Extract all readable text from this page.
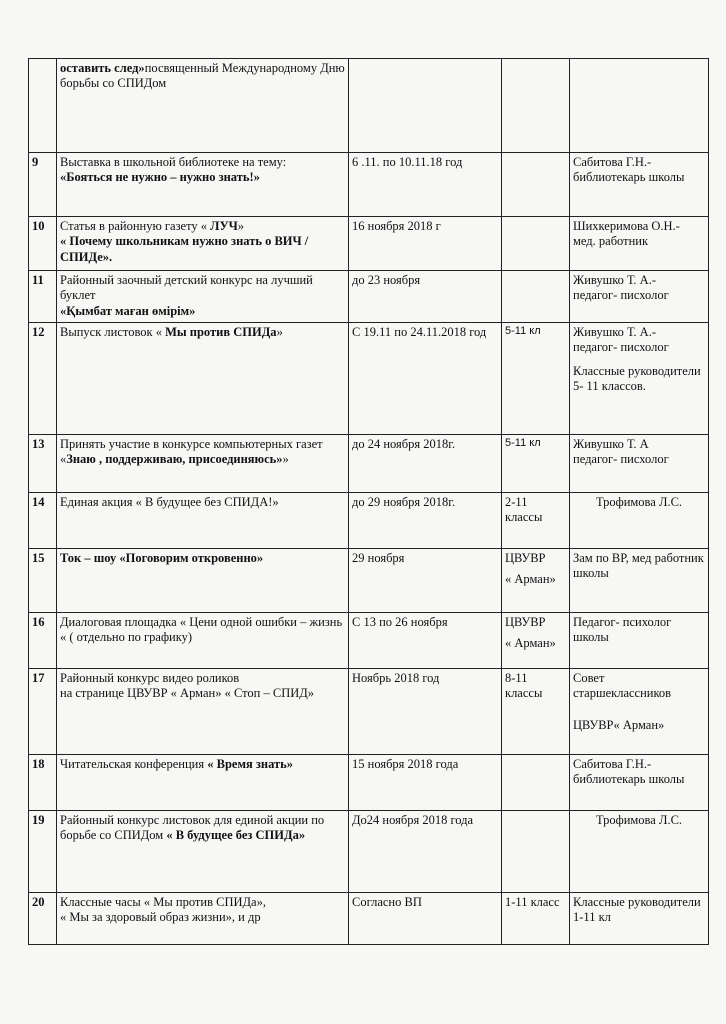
	оставить след»посвященный Международному Дню борьбы со СПИДом			
9	Выставка в школьной библиотеке на тему:
«Бояться не нужно – нужно знать!»	6 .11. по 10.11.18 год		Сабитова Г.Н.-
библиотекарь школы

10	Статья в районную газету « ЛУЧ»
« Почему школьникам нужно знать о ВИЧ / СПИДе».	16 ноября 2018 г		Шихкеримова О.Н.-
мед. работник

11	Районный заочный детский конкурс на лучший буклет
«Қымбат маған өмірім»	до 23 ноября		Живушко Т. А.-
педагог- писхолог

12	Выпуск листовок « Мы против СПИДа»	С 19.11 по 24.11.2018 год	5-11 кл	Живушко Т. А.-
педагог- писхолог
Классные руководители 5- 11 классов.

13	Принять участие в конкурсе компьютерных газет «Знаю , поддерживаю, присоединяюсь»»	до 24 ноября 2018г.	5-11 кл	Живушко Т. А
педагог- писхолог

14	Единая акция « В будущее без СПИДА!»	до 29 ноября 2018г.	2-11 классы	Трофимова Л.С.
15	Ток – шоу «Поговорим откровенно»	29 ноября	ЦВУВР
« Арман»	Зам по ВР, мед работник школы
16	Диалоговая площадка « Цени одной ошибки – жизнь « ( отдельно по графику)	С 13 по 26 ноября	ЦВУВР
« Арман»	Педагог- психолог школы
17	Районный конкурс видео роликов
на странице ЦВУВР « Арман» « Стоп – СПИД»	Ноябрь 2018 год	8-11 классы	Совет
старшеклассников
ЦВУВР« Арман»

18	Читательская конференция « Время знать»	15 ноября 2018 года		Сабитова Г.Н.-
библиотекарь школы

19	Районный конкурс листовок для единой акции по борьбе со СПИДом « В будущее без СПИДа»	До24 ноября 2018 года		Трофимова Л.С.
20	Классные часы « Мы против СПИДа»,
« Мы за здоровый образ жизни», и др	Согласно ВП	1-11 класс	Классные руководители 1-11 кл
